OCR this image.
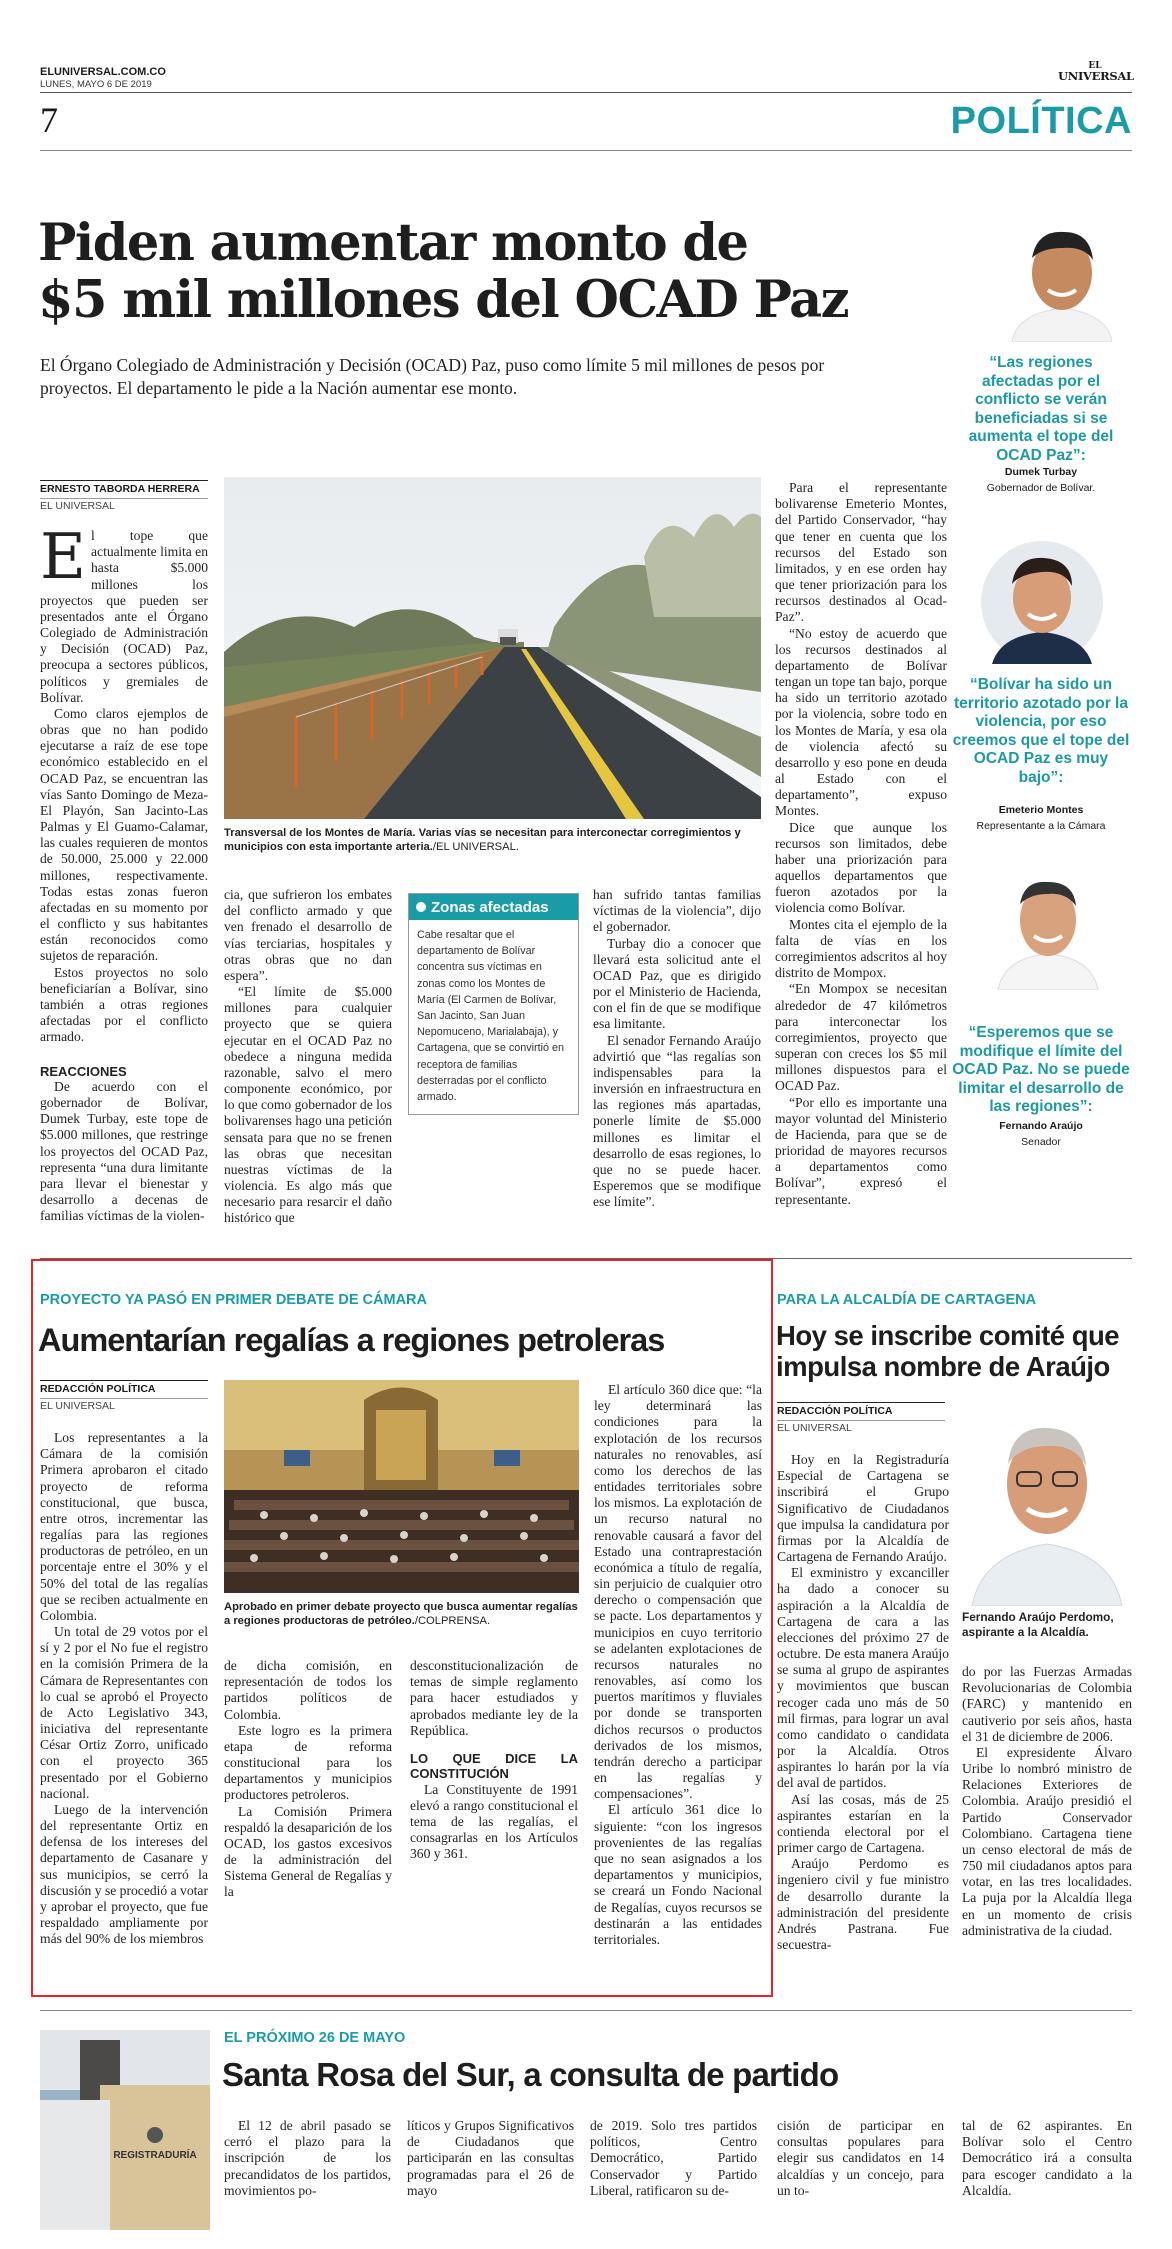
ELUNIVERSAL.COM.CO
LUNES, MAYO 6 DE 2019
EL
UNIVERSAL
7	POLÍTICA
Piden aumentar monto de
$5 mil millones del OCAD Paz
El Órgano Colegiado de Administración y Decisión (OCAD) Paz, puso como límite 5 mil millones de pesos por proyectos. El departamento le pide a la Nación aumentar ese monto.
ERNESTO TABORDA HERRERA
EL UNIVERSAL

El tope que actualmente limita en hasta $5.000 millones los proyectos que pueden ser presentados ante el Órgano Colegiado de Administración y Decisión (OCAD) Paz, preocupa a sectores públicos, políticos y gremiales de Bolívar.

Como claros ejemplos de obras que no han podido ejecutarse a raíz de ese tope económico establecido en el OCAD Paz, se encuentran las vías Santo Domingo de Meza-El Playón, San Jacinto-Las Palmas y El Guamo-Calamar, las cuales requieren de montos de 50.000, 25.000 y 22.000 millones, respectivamente. Todas estas zonas fueron afectadas en su momento por el conflicto y sus habitantes están reconocidos como sujetos de reparación.

Estos proyectos no solo beneficiarían a Bolívar, sino también a otras regiones afectadas por el conflicto armado.

REACCIONES

De acuerdo con el gobernador de Bolívar, Dumek Turbay, este tope de $5.000 millones, que restringe los proyectos del OCAD Paz, representa “una dura limitante para llevar el bienestar y desarrollo a decenas de familias víctimas de la violen-

Transversal de los Montes de María. Varias vías se necesitan para interconectar corregimientos y municipios con esta importante arteria./EL UNIVERSAL.

cia, que sufrieron los embates del conflicto armado y que ven frenado el desarrollo de vías terciarias, hospitales y otras obras que no dan espera”.

“El límite de $5.000 millones para cualquier proyecto que se quiera ejecutar en el OCAD Paz no obedece a ninguna medida razonable, salvo el mero componente económico, por lo que como gobernador de los bolivarenses hago una petición sensata para que no se frenen las obras que necesitan nuestras víctimas de la violencia. Es algo más que necesario para resarcir el daño histórico que

Zonas afectadas
Cabe resaltar que el departamento de Bolívar concentra sus víctimas en zonas como los Montes de María (El Carmen de Bolívar, San Jacinto, San Juan Nepomuceno, Marialabaja), y Cartagena, que se convirtió en receptora de familias desterradas por el conflicto armado.

han sufrido tantas familias víctimas de la violencia”, dijo el gobernador.

Turbay dio a conocer que llevará esta solicitud ante el OCAD Paz, que es dirigido por el Ministerio de Hacienda, con el fin de que se modifique esa limitante.

El senador Fernando Araújo advirtió que “las regalías son indispensables para la inversión en infraestructura en las regiones más apartadas, ponerle límite de $5.000 millones es limitar el desarrollo de esas regiones, lo que no se puede hacer. Esperemos que se modifique ese límite”.

Para el representante bolivarense Emeterio Montes, del Partido Conservador, “hay que tener en cuenta que los recursos del Estado son limitados, y en ese orden hay que tener priorización para los recursos destinados al Ocad-Paz”.

“No estoy de acuerdo que los recursos destinados al departamento de Bolívar tengan un tope tan bajo, porque ha sido un territorio azotado por la violencia, sobre todo en los Montes de María, y esa ola de violencia afectó su desarrollo y eso pone en deuda al Estado con el departamento”, expuso Montes.

Dice que aunque los recursos son limitados, debe haber una priorización para aquellos departamentos que fueron azotados por la violencia como Bolívar.

Montes cita el ejemplo de la falta de vías en los corregimientos adscritos al hoy distrito de Mompox.

“En Mompox se necesitan alrededor de 47 kilómetros para interconectar los corregimientos, proyecto que superan con creces los $5 mil millones dispuestos para el OCAD Paz.

“Por ello es importante una mayor voluntad del Ministerio de Hacienda, para que se de prioridad de mayores recursos a departamentos como Bolívar”, expresó el representante.

“Las regiones afectadas por el conflicto se verán beneficiadas si se aumenta el tope del OCAD Paz”:
Dumek Turbay
Gobernador de Bolívar.
“Bolívar ha sido un territorio azotado por la violencia, por eso creemos que el tope del OCAD Paz es muy bajo”:
Emeterio Montes
Representante a la Cámara
“Esperemos que se modifique el límite del OCAD Paz. No se puede limitar el desarrollo de las regiones”:
Fernando Araújo
Senador
PROYECTO YA PASÓ EN PRIMER DEBATE DE CÁMARA
Aumentarían regalías a regiones petroleras
REDACCIÓN POLÍTICA
EL UNIVERSAL

Los representantes a la Cámara de la comisión Primera aprobaron el citado proyecto de reforma constitucional, que busca, entre otros, incrementar las regalías para las regiones productoras de petróleo, en un porcentaje entre el 30% y el 50% del total de las regalías que se reciben actualmente en Colombia.

Un total de 29 votos por el sí y 2 por el No fue el registro en la comisión Primera de la Cámara de Representantes con lo cual se aprobó el Proyecto de Acto Legislativo 343, iniciativa del representante César Ortiz Zorro, unificado con el proyecto 365 presentado por el Gobierno nacional.

Luego de la intervención del representante Ortiz en defensa de los intereses del departamento de Casanare y sus municipios, se cerró la discusión y se procedió a votar y aprobar el proyecto, que fue respaldado ampliamente por más del 90% de los miembros

Aprobado en primer debate proyecto que busca aumentar regalías a regiones productoras de petróleo./COLPRENSA.

de dicha comisión, en representación de todos los partidos políticos de Colombia.

Este logro es la primera etapa de reforma constitucional para los departamentos y municipios productores petroleros.

La Comisión Primera respaldó la desaparición de los OCAD, los gastos excesivos de la administración del Sistema General de Regalías y la

desconstitucionalización de temas de simple reglamento para hacer estudiados y aprobados mediante ley de la República.

LO QUE DICE LA CONSTITUCIÓN

La Constituyente de 1991 elevó a rango constitucional el tema de las regalías, el consagrarlas en los Artículos 360 y 361.

El artículo 360 dice que: “la ley determinará las condiciones para la explotación de los recursos naturales no renovables, así como los derechos de las entidades territoriales sobre los mismos. La explotación de un recurso natural no renovable causará a favor del Estado una contraprestación económica a título de regalía, sin perjuicio de cualquier otro derecho o compensación que se pacte. Los departamentos y municipios en cuyo territorio se adelanten explotaciones de recursos naturales no renovables, así como los puertos marítimos y fluviales por donde se transporten dichos recursos o productos derivados de los mismos, tendrán derecho a participar en las regalías y compensaciones”.

El artículo 361 dice lo siguiente: “con los ingresos provenientes de las regalías que no sean asignados a los departamentos y municipios, se creará un Fondo Nacional de Regalías, cuyos recursos se destinarán a las entidades territoriales.

PARA LA ALCALDÍA DE CARTAGENA
Hoy se inscribe comité que impulsa nombre de Araújo
REDACCIÓN POLÍTICA
EL UNIVERSAL

Hoy en la Registraduría Especial de Cartagena se inscribirá el Grupo Significativo de Ciudadanos que impulsa la candidatura por firmas por la Alcaldía de Cartagena de Fernando Araújo.

El exministro y excanciller ha dado a conocer su aspiración a la Alcaldía de Cartagena de cara a las elecciones del próximo 27 de octubre. De esta manera Araújo se suma al grupo de aspirantes y movimientos que buscan recoger cada uno más de 50 mil firmas, para lograr un aval como candidato o candidata por la Alcaldía. Otros aspirantes lo harán por la vía del aval de partidos.

Así las cosas, más de 25 aspirantes estarían en la contienda electoral por el primer cargo de Cartagena.

Araújo Perdomo es ingeniero civil y fue ministro de desarrollo durante la administración del presidente Andrés Pastrana. Fue secuestra-

Fernando Araújo Perdomo, aspirante a la Alcaldía.

do por las Fuerzas Armadas Revolucionarias de Colombia (FARC) y mantenido en cautiverio por seis años, hasta el 31 de diciembre de 2006.

El expresidente Álvaro Uribe lo nombró ministro de Relaciones Exteriores de Colombia. Araújo presidió el Partido Conservador Colombiano. Cartagena tiene un censo electoral de más de 750 mil ciudadanos aptos para votar, en las tres localidades. La puja por la Alcaldía llega en un momento de crisis administrativa de la ciudad.

REGISTRADURÍA
EL PRÓXIMO 26 DE MAYO
Santa Rosa del Sur, a consulta de partido
El 12 de abril pasado se cerró el plazo para la inscripción de los precandidatos de los partidos, movimientos po-
líticos y Grupos Significativos de Ciudadanos que participarán en las consultas programadas para el 26 de mayo
de 2019. Solo tres partidos políticos, Centro Democrático, Partido Conservador y Partido Liberal, ratificaron su de-
cisión de participar en consultas populares para elegir sus candidatos en 14 alcaldías y un concejo, para un to-
tal de 62 aspirantes. En Bolívar solo el Centro Democrático irá a consulta para escoger candidato a la Alcaldía.
